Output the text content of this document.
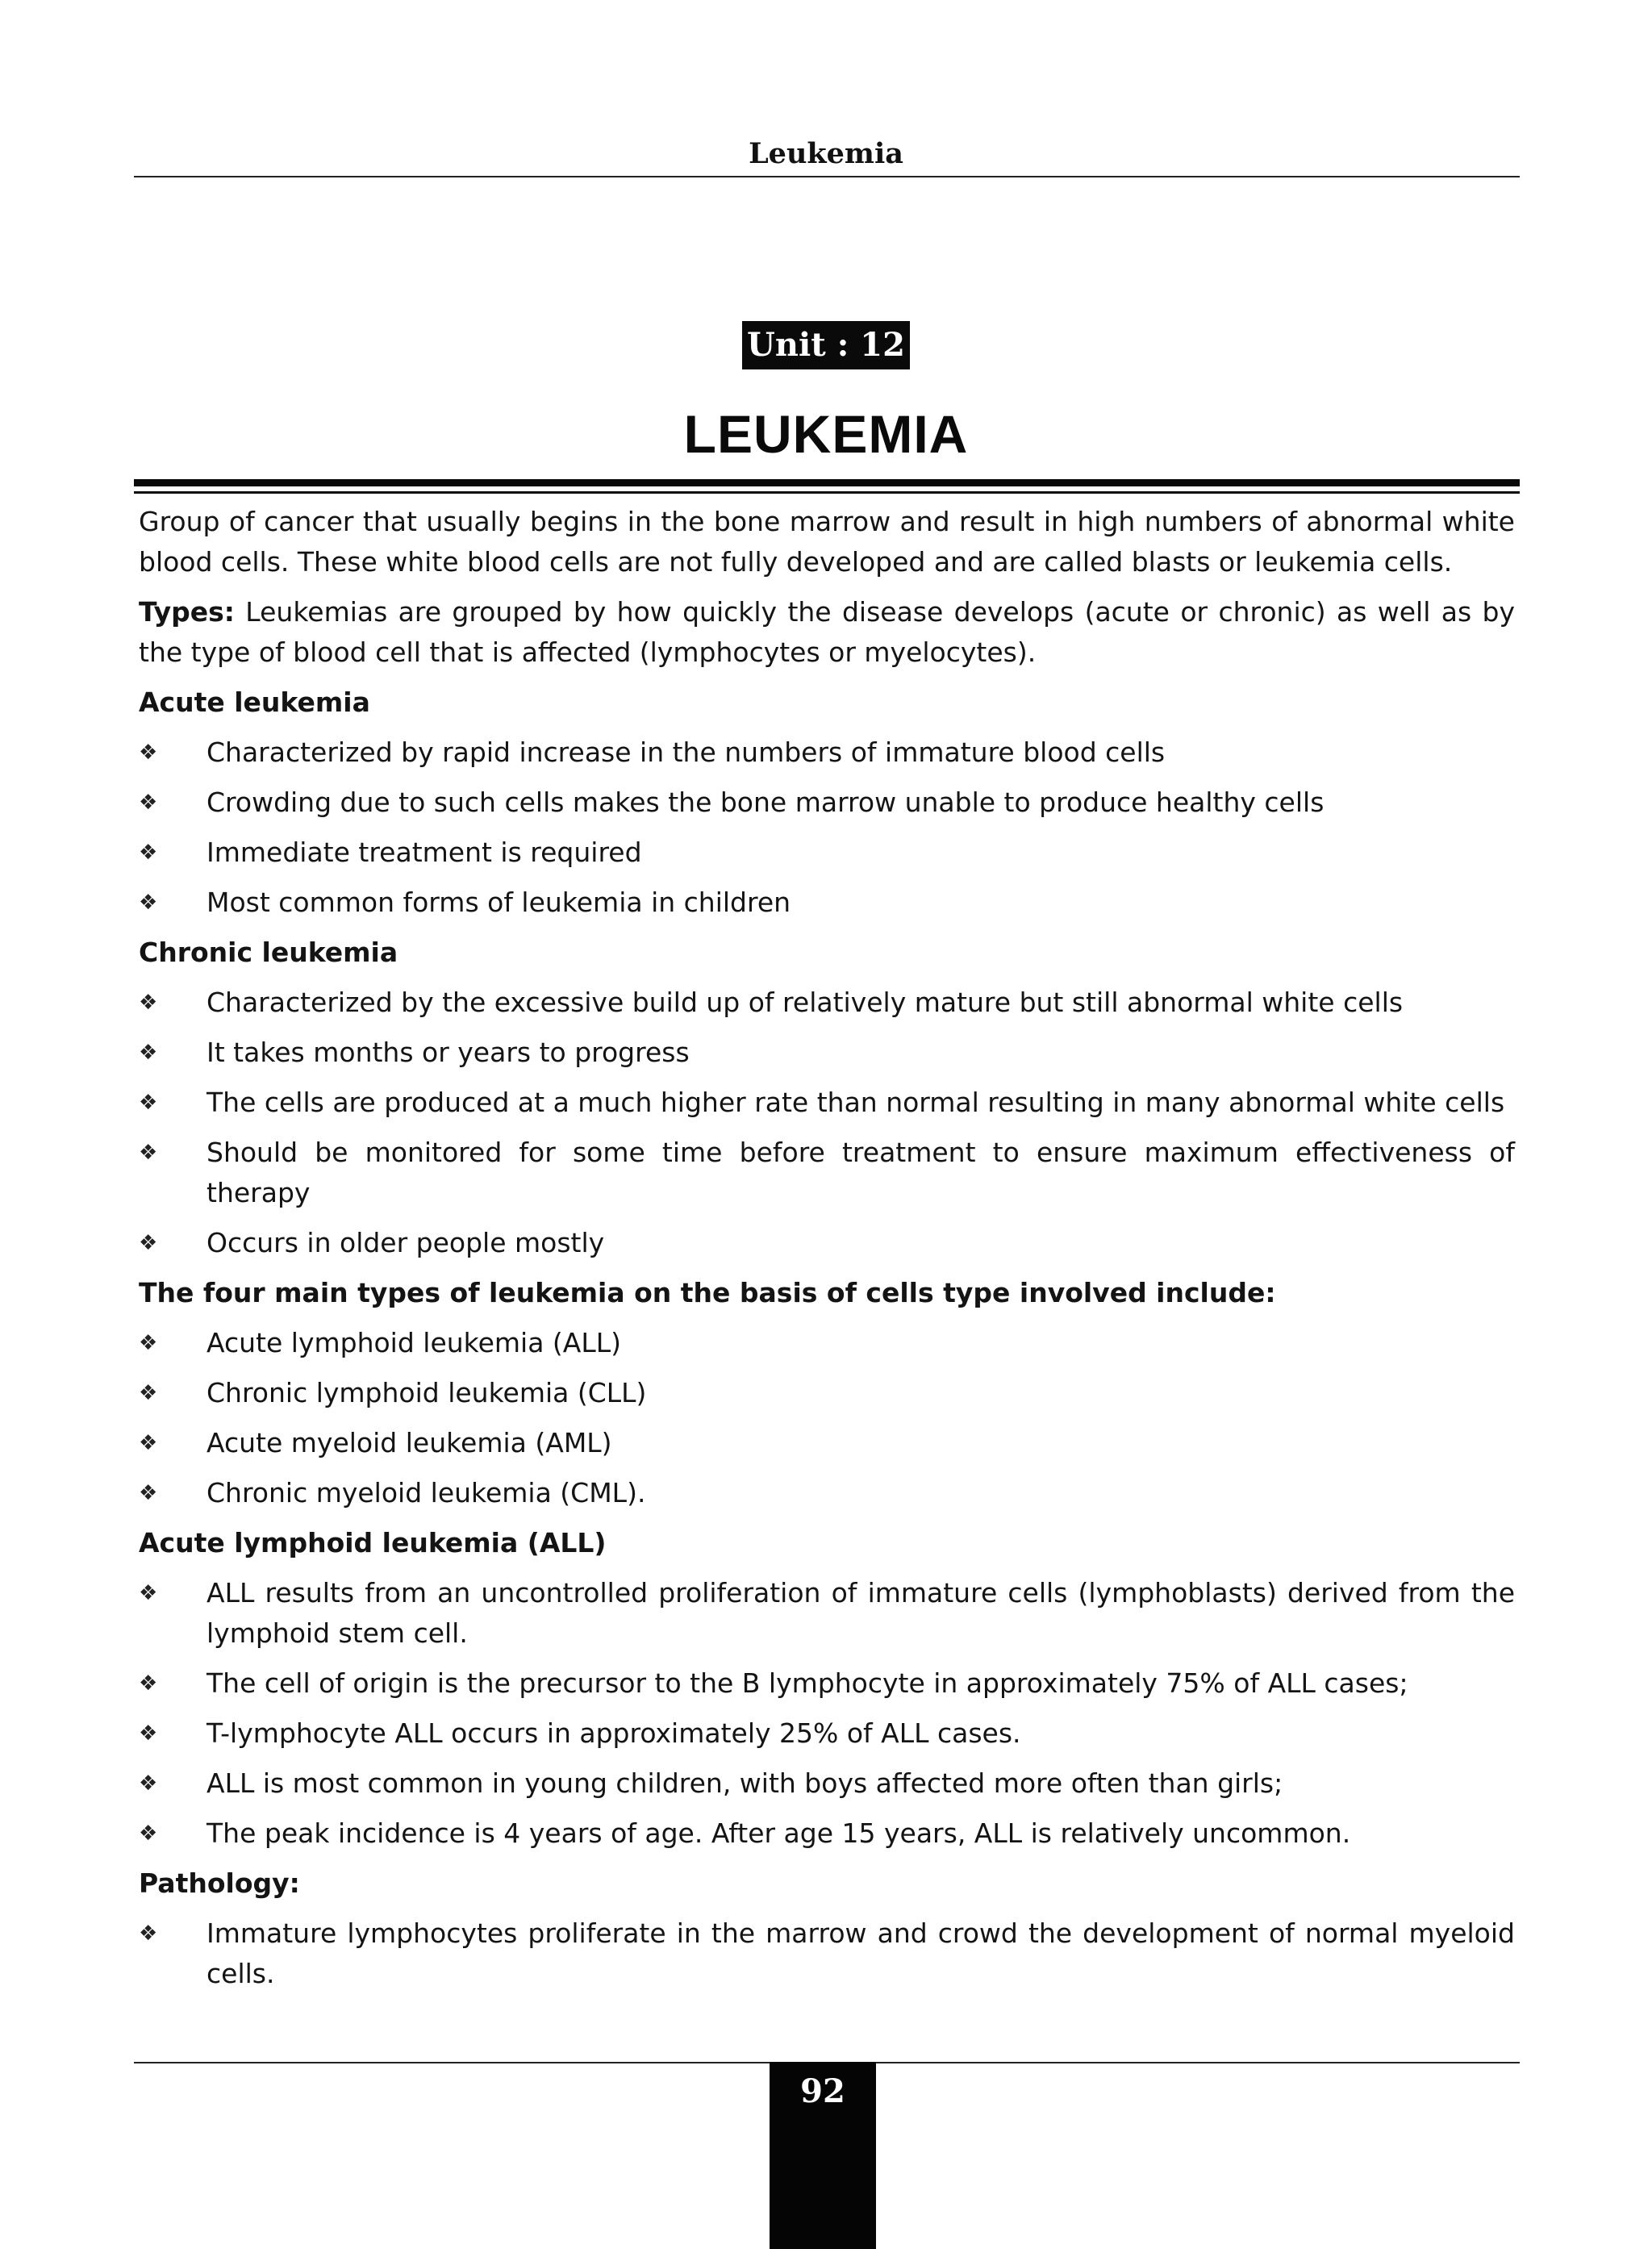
Leukemia
Unit : 12
LEUKEMIA

Group of cancer that usually begins in the bone marrow and result in high numbers of abnormal white blood cells. These white blood cells are not fully developed and are called blasts or leukemia cells.

Types: Leukemias are grouped by how quickly the disease develops (acute or chronic) as well as by the type of blood cell that is affected (lymphocytes or myelocytes).

Acute leukemia
❖ Characterized by rapid increase in the numbers of immature blood cells
❖ Crowding due to such cells makes the bone marrow unable to produce healthy cells
❖ Immediate treatment is required
❖ Most common forms of leukemia in children
Chronic leukemia
❖ Characterized by the excessive build up of relatively mature but still abnormal white cells
❖ It takes months or years to progress
❖ The cells are produced at a much higher rate than normal resulting in many abnormal white cells
❖ Should be monitored for some time before treatment to ensure maximum effectiveness of therapy
❖ Occurs in older people mostly
The four main types of leukemia on the basis of cells type involved include:
❖ Acute lymphoid leukemia (ALL)
❖ Chronic lymphoid leukemia (CLL)
❖ Acute myeloid leukemia (AML)
❖ Chronic myeloid leukemia (CML).
Acute lymphoid leukemia (ALL)
❖ ALL results from an uncontrolled proliferation of immature cells (lymphoblasts) derived from the lymphoid stem cell.
❖ The cell of origin is the precursor to the B lymphocyte in approximately 75% of ALL cases;
❖ T-lymphocyte ALL occurs in approximately 25% of ALL cases.
❖ ALL is most common in young children, with boys affected more often than girls;
❖ The peak incidence is 4 years of age. After age 15 years, ALL is relatively uncommon.
Pathology:
❖ Immature lymphocytes proliferate in the marrow and crowd the development of normal myeloid cells.
92
